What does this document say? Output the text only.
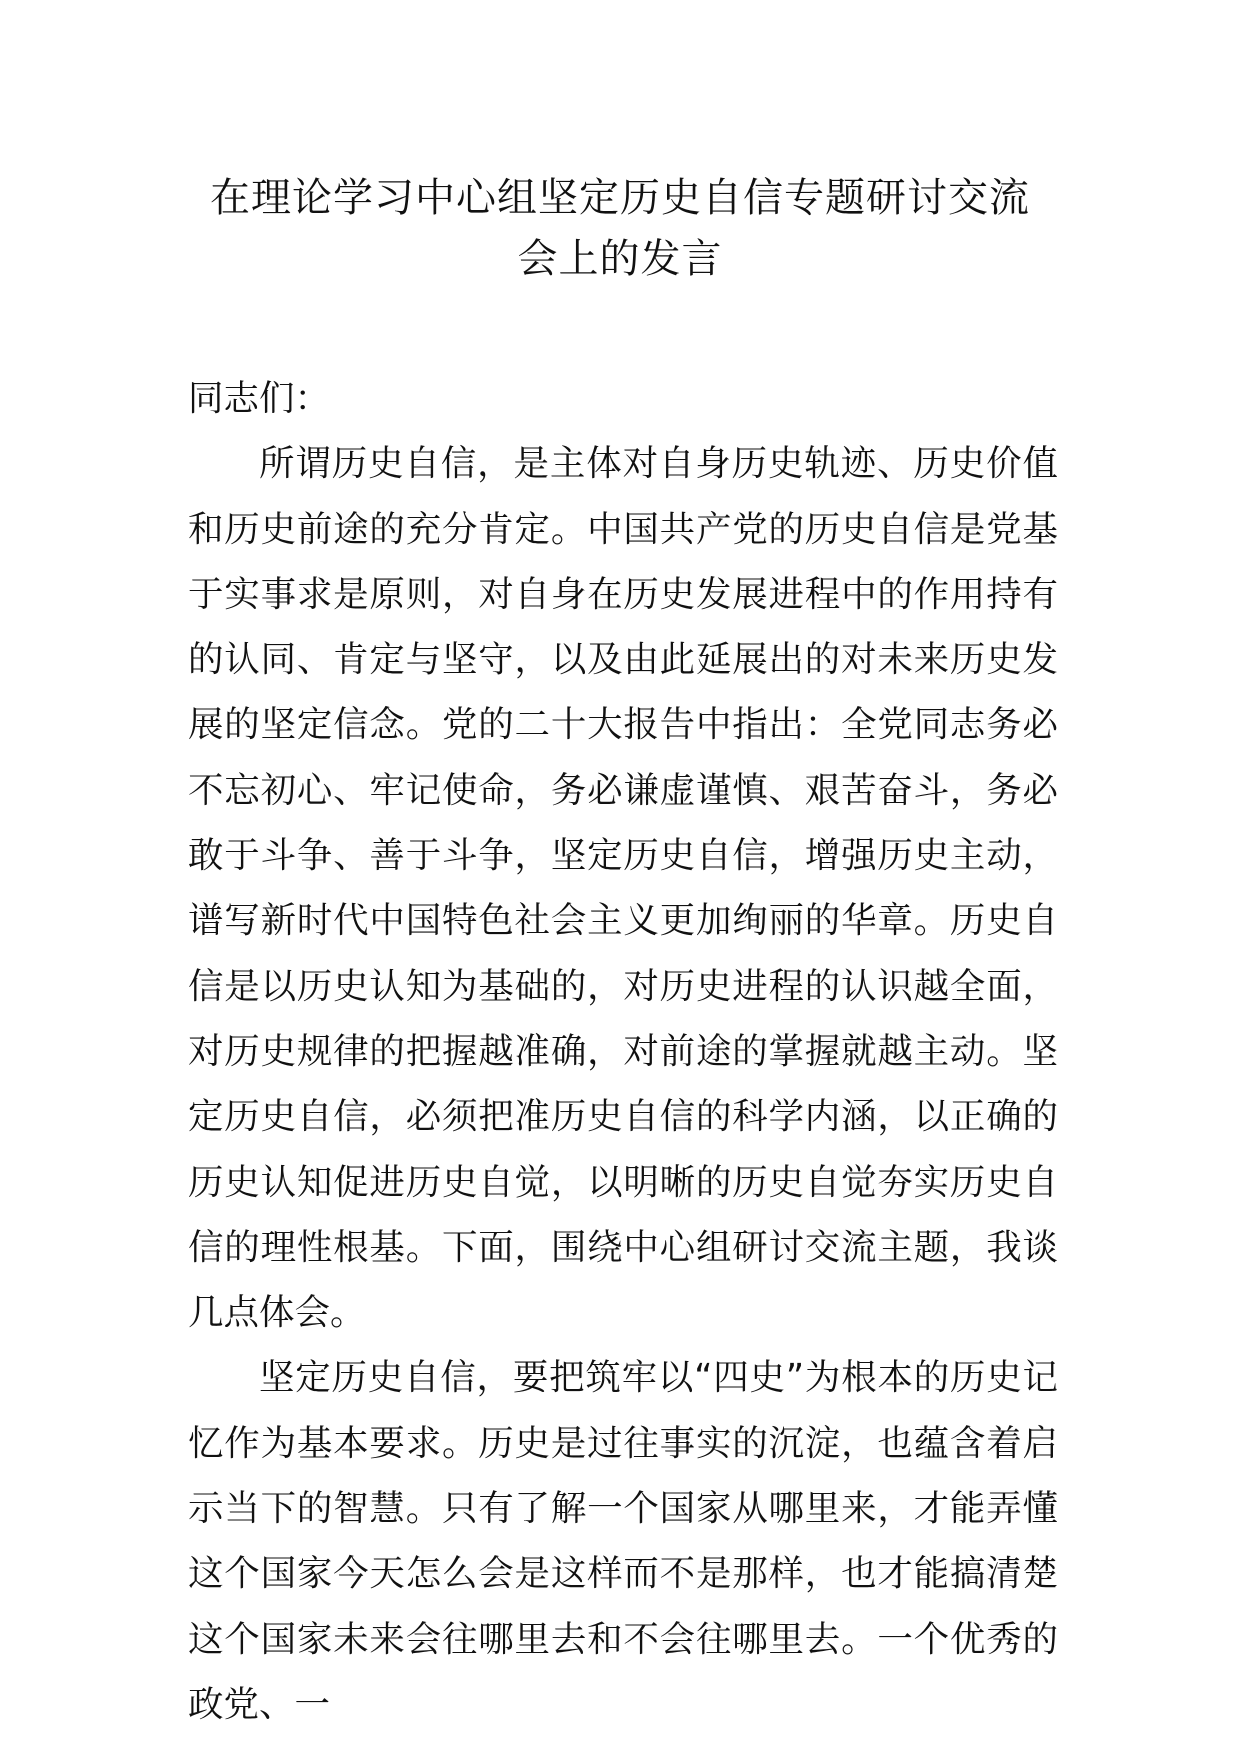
在理论学习中心组坚定历史自信专题研讨交流
会上的发言

同志们：

所谓历史自信，是主体对自身历史轨迹、历史价值和历史前途的充分肯定。中国共产党的历史自信是党基于实事求是原则，对自身在历史发展进程中的作用持有的认同、肯定与坚守，以及由此延展出的对未来历史发展的坚定信念。党的二十大报告中指出：全党同志务必不忘初心、牢记使命，务必谦虚谨慎、艰苦奋斗，务必敢于斗争、善于斗争，坚定历史自信，增强历史主动，谱写新时代中国特色社会主义更加绚丽的华章。历史自信是以历史认知为基础的，对历史进程的认识越全面，对历史规律的把握越准确，对前途的掌握就越主动。坚定历史自信，必须把准历史自信的科学内涵，以正确的历史认知促进历史自觉，以明晰的历史自觉夯实历史自信的理性根基。下面，围绕中心组研讨交流主题，我谈几点体会。

坚定历史自信，要把筑牢以“四史”为根本的历史记忆作为基本要求。历史是过往事实的沉淀，也蕴含着启示当下的智慧。只有了解一个国家从哪里来，才能弄懂这个国家今天怎么会是这样而不是那样，也才能搞清楚这个国家未来会往哪里去和不会往哪里去。一个优秀的政党、一
